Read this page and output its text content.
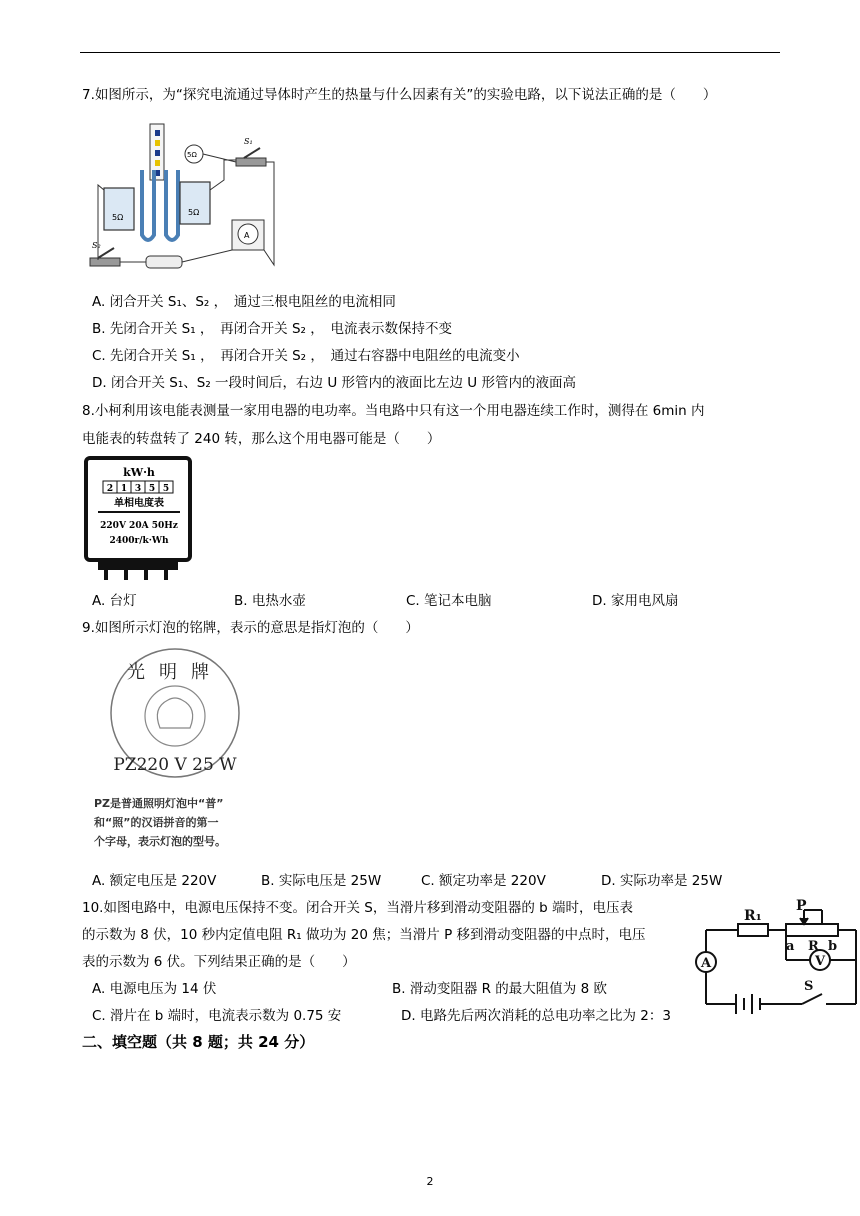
7.如图所示，为“探究电流通过导体时产生的热量与什么因素有关”的实验电路，以下说法正确的是（　　）
5Ω
5Ω
5Ω
S₁
S₂
A
A. 闭合开关 S₁、S₂ ，　通过三根电阻丝的电流相同
B. 先闭合开关 S₁ ，　再闭合开关 S₂ ，　电流表示数保持不变
C. 先闭合开关 S₁ ，　再闭合开关 S₂ ，　通过右容器中电阻丝的电流变小
D. 闭合开关 S₁、S₂ 一段时间后，右边 U 形管内的液面比左边 U 形管内的液面高
8.小柯利用该电能表测量一家用电器的电功率。当电路中只有这一个用电器连续工作时，测得在 6min 内
电能表的转盘转了 240 转，那么这个用电器可能是（　　）
kW·h
2 1 3 5 5
单相电度表
220V 20A 50Hz
2400r/k·Wh
A. 台灯	B. 电热水壶	C. 笔记本电脑	D. 家用电风扇
9.如图所示灯泡的铭牌，表示的意思是指灯泡的（　　）
光明牌
PZ220 V 25 W
PZ是普通照明灯泡中“普”
和“照”的汉语拼音的第一
个字母，表示灯泡的型号。
A. 额定电压是 220V	B. 实际电压是 25W	C. 额定功率是 220V	D. 实际功率是 25W
10.如图电路中，电源电压保持不变。闭合开关 S，当滑片移到滑动变阻器的 b 端时，电压表
的示数为 8 伏，10 秒内定值电阻 R₁ 做功为 20 焦；当滑片 P 移到滑动变阻器的中点时，电压
表的示数为 6 伏。下列结果正确的是（　　）
R₁
P
a R b
A	V
S
A. 电源电压为 14 伏	B. 滑动变阻器 R 的最大阻值为 8 欧
C. 滑片在 b 端时，电流表示数为 0.75 安	D. 电路先后两次消耗的总电功率之比为 2：3
二、填空题（共 8 题；共 24 分）
2
